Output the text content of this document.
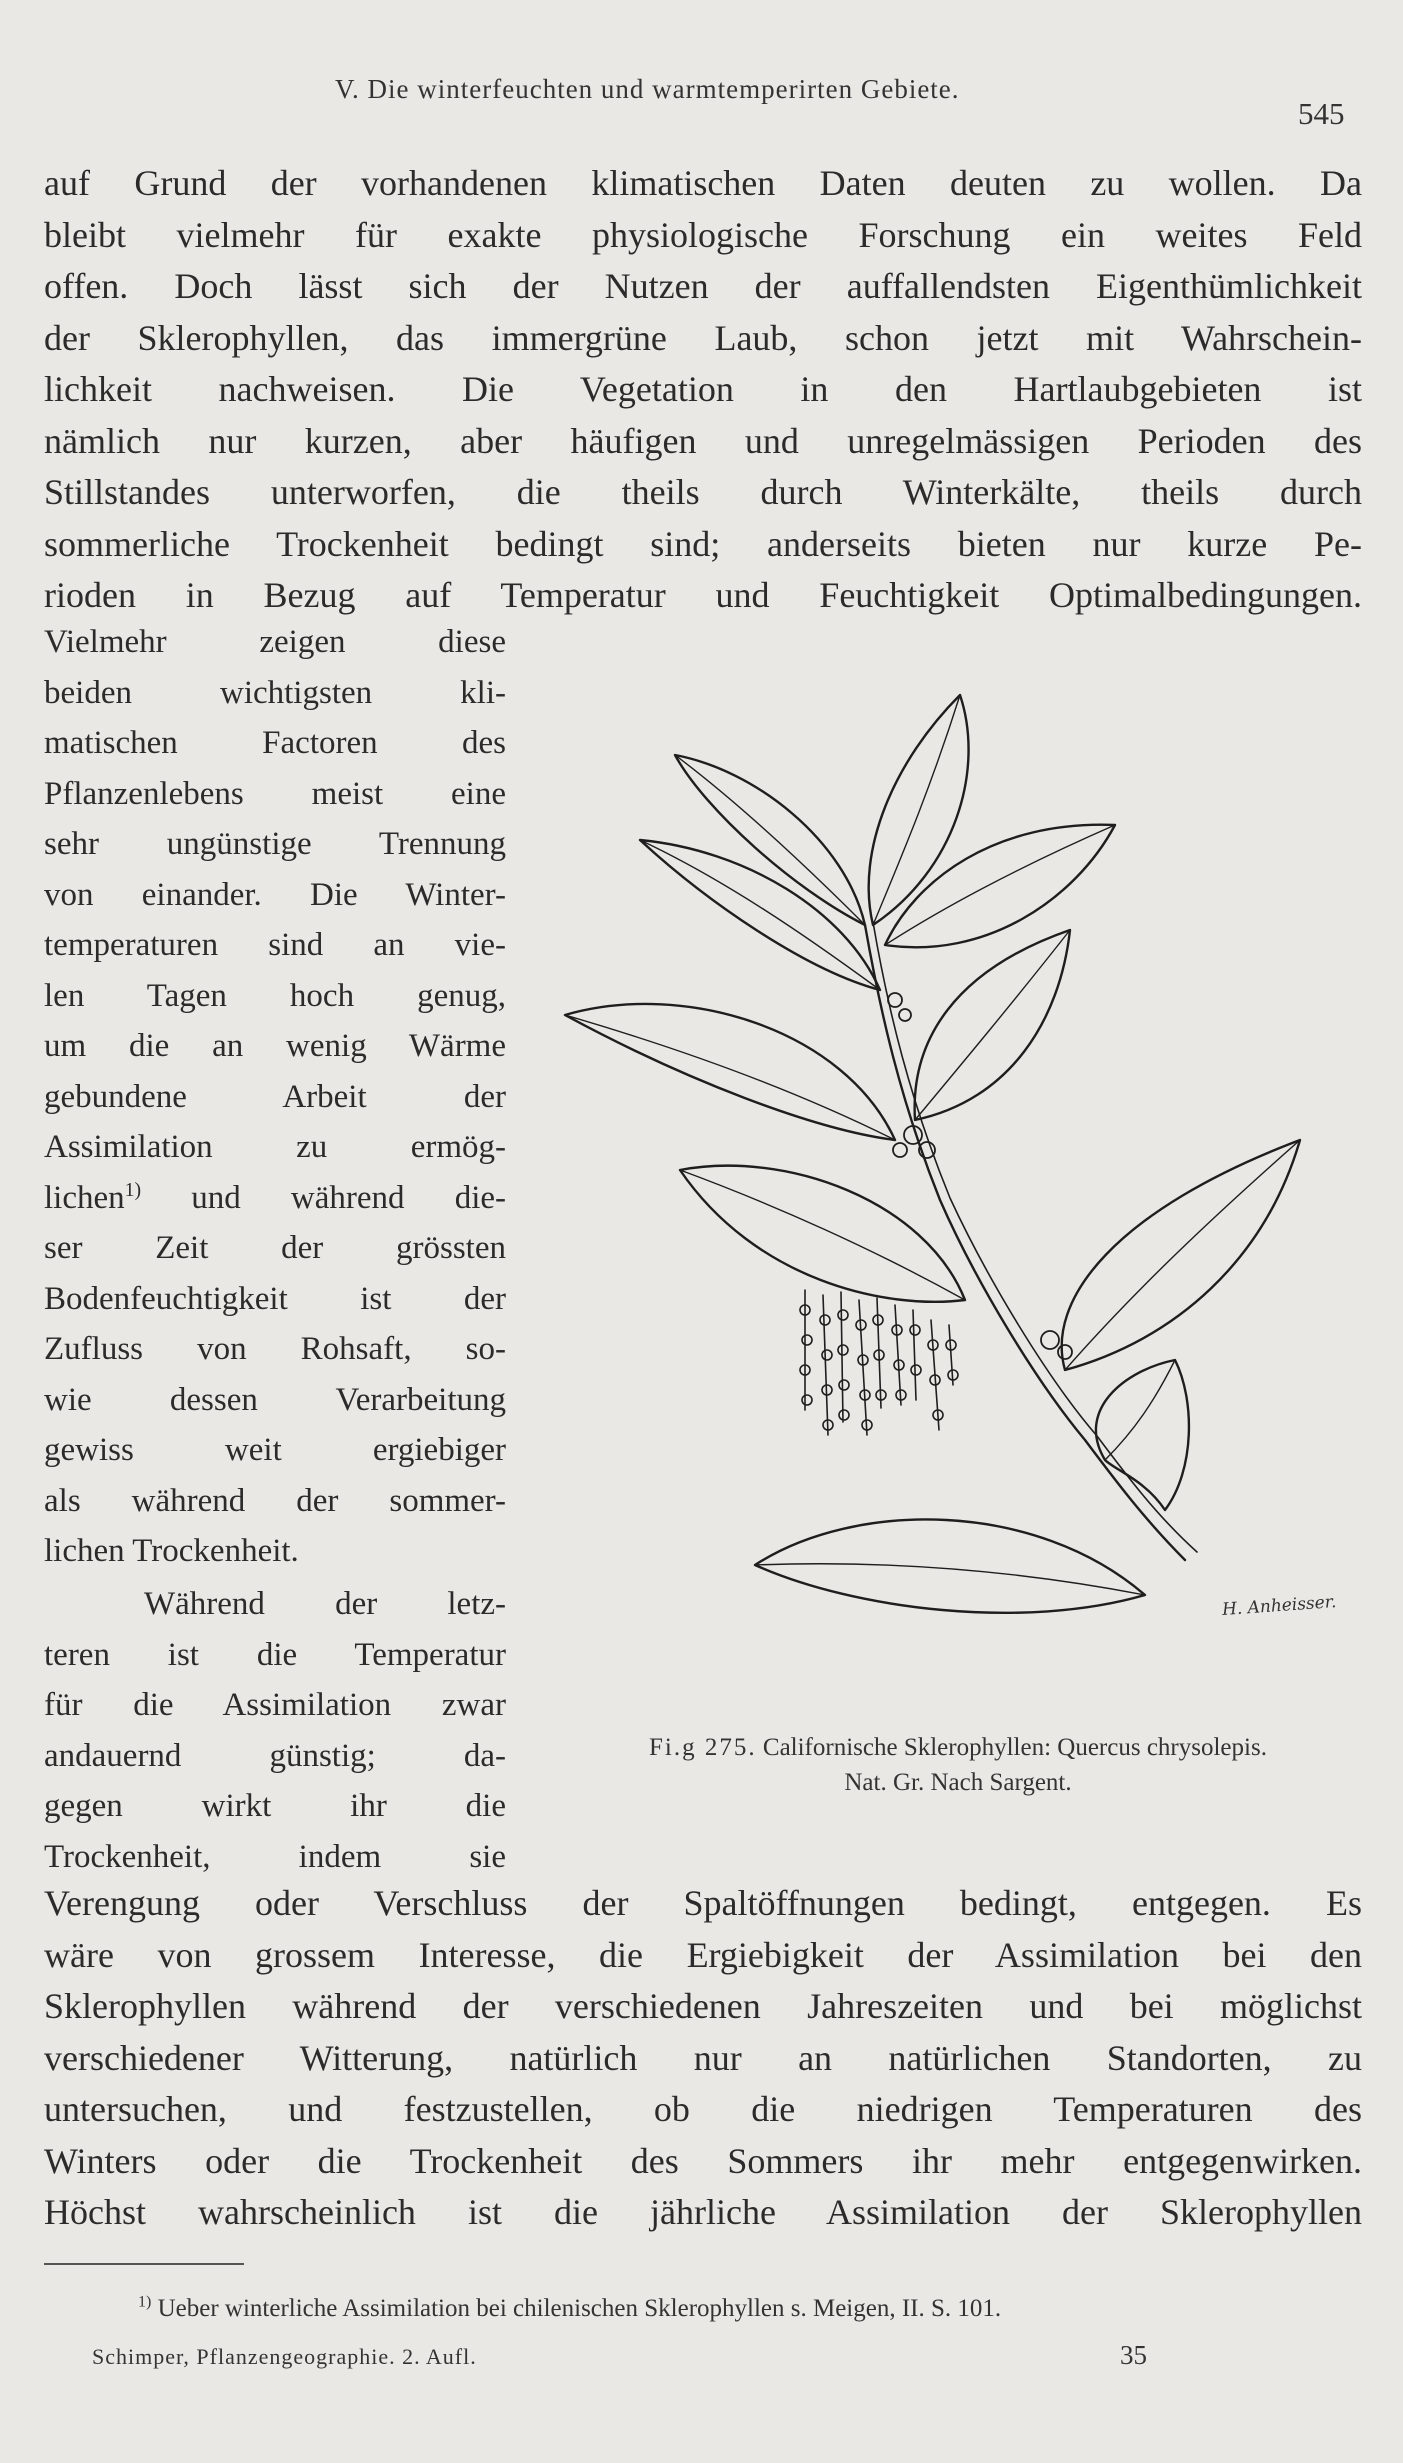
V. Die winterfeuchten und warmtemperirten Gebiete.
545
auf Grund der vorhandenen klimatischen Daten deuten zu wollen. Da
bleibt vielmehr für exakte physiologische Forschung ein weites Feld
offen. Doch lässt sich der Nutzen der auffallendsten Eigenthümlichkeit
der Sklerophyllen, das immergrüne Laub, schon jetzt mit Wahrschein-
lichkeit nachweisen. Die Vegetation in den Hartlaubgebieten ist
nämlich nur kurzen, aber häufigen und unregelmässigen Perioden des
Stillstandes unterworfen, die theils durch Winterkälte, theils durch
sommerliche Trockenheit bedingt sind; anderseits bieten nur kurze Pe-
rioden in Bezug auf Temperatur und Feuchtigkeit Optimalbedingungen.
Vielmehr zeigen diese
beiden wichtigsten kli-
matischen Factoren des
Pflanzenlebens meist eine
sehr ungünstige Trennung
von einander. Die Winter-
temperaturen sind an vie-
len Tagen hoch genug,
um die an wenig Wärme
gebundene Arbeit der
Assimilation zu ermög-
lichen$^{1)}$ und während die-
ser Zeit der grössten
Bodenfeuchtigkeit ist der
Zufluss von Rohsaft, so-
wie dessen Verarbeitung
gewiss weit ergiebiger
als während der sommer-
lichen Trockenheit.
Während der letz-
teren ist die Temperatur
für die Assimilation zwar
andauernd günstig; da-
gegen wirkt ihr die
Trockenheit, indem sie
H. Anheisser.
Fi.g 275. Californische Sklerophyllen: Quercus chrysolepis.
Nat. Gr. Nach Sargent.
Verengung oder Verschluss der Spaltöffnungen bedingt, entgegen. Es
wäre von grossem Interesse, die Ergiebigkeit der Assimilation bei den
Sklerophyllen während der verschiedenen Jahreszeiten und bei möglichst
verschiedener Witterung, natürlich nur an natürlichen Standorten, zu
untersuchen, und festzustellen, ob die niedrigen Temperaturen des
Winters oder die Trockenheit des Sommers ihr mehr entgegenwirken.
Höchst wahrscheinlich ist die jährliche Assimilation der Sklerophyllen
$^{1)}$ Ueber winterliche Assimilation bei chilenischen Sklerophyllen s. Meigen, II. S. 101.
Schimper, Pflanzengeographie. 2. Aufl.	35
